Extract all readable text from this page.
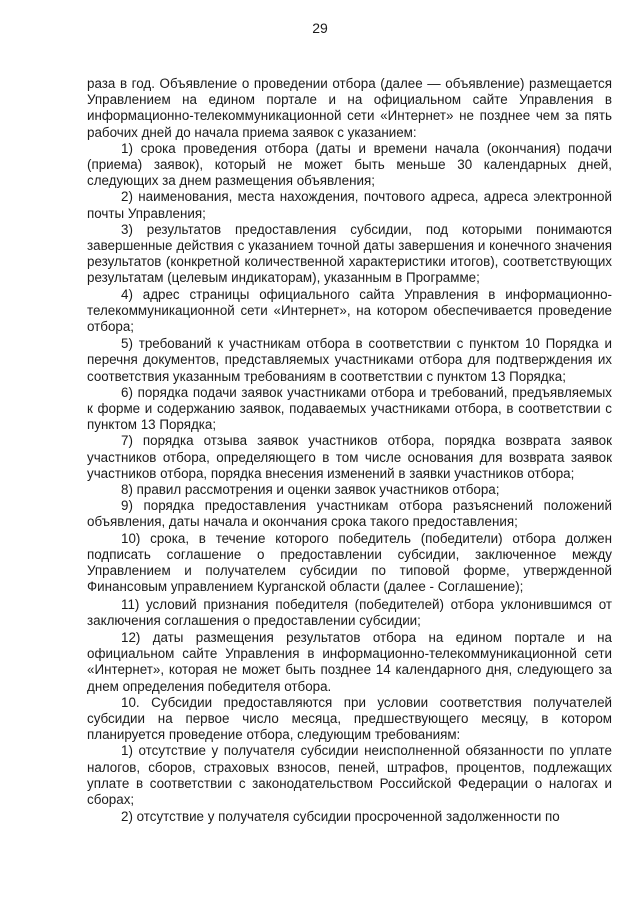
29

раза в год. Объявление о проведении отбора (далее — объявление) размещается Управлением на едином портале и на официальном сайте Управления в информационно-телекоммуникационной сети «Интернет» не позднее чем за пять рабочих дней до начала приема заявок с указанием:

1) срока проведения отбора (даты и времени начала (окончания) подачи (приема) заявок), который не может быть меньше 30 календарных дней, следующих за днем размещения объявления;

2) наименования, места нахождения, почтового адреса, адреса электронной почты Управления;

3) результатов предоставления субсидии, под которыми понимаются завершенные действия с указанием точной даты завершения и конечного значения результатов (конкретной количественной характеристики итогов), соответствующих результатам (целевым индикаторам), указанным в Программе;

4) адрес страницы официального сайта Управления в информационно-телекоммуникационной сети «Интернет», на котором обеспечивается проведение отбора;

5) требований к участникам отбора в соответствии с пунктом 10 Порядка и перечня документов, представляемых участниками отбора для подтверждения их соответствия указанным требованиям в соответствии с пунктом 13 Порядка;

6) порядка подачи заявок участниками отбора и требований, предъявляемых к форме и содержанию заявок, подаваемых участниками отбора, в соответствии с пунктом 13 Порядка;

7) порядка отзыва заявок участников отбора, порядка возврата заявок участников отбора, определяющего в том числе основания для возврата заявок участников отбора, порядка внесения изменений в заявки участников отбора;

8) правил рассмотрения и оценки заявок участников отбора;

9) порядка предоставления участникам отбора разъяснений положений объявления, даты начала и окончания срока такого предоставления;

10) срока, в течение которого победитель (победители) отбора должен подписать соглашение о предоставлении субсидии, заключенное между Управлением и получателем субсидии по типовой форме, утвержденной Финансовым управлением Курганской области (далее - Соглашение);

11) условий признания победителя (победителей) отбора уклонившимся от заключения соглашения о предоставлении субсидии;

12) даты размещения результатов отбора на едином портале и на официальном сайте Управления в информационно-телекоммуникационной сети «Интернет», которая не может быть позднее 14 календарного дня, следующего за днем определения победителя отбора.

10. Субсидии предоставляются при условии соответствия получателей субсидии на первое число месяца, предшествующего месяцу, в котором планируется проведение отбора, следующим требованиям:

1) отсутствие у получателя субсидии неисполненной обязанности по уплате налогов, сборов, страховых взносов, пеней, штрафов, процентов, подлежащих уплате в соответствии с законодательством Российской Федерации о налогах и сборах;

2) отсутствие у получателя субсидии просроченной задолженности по
